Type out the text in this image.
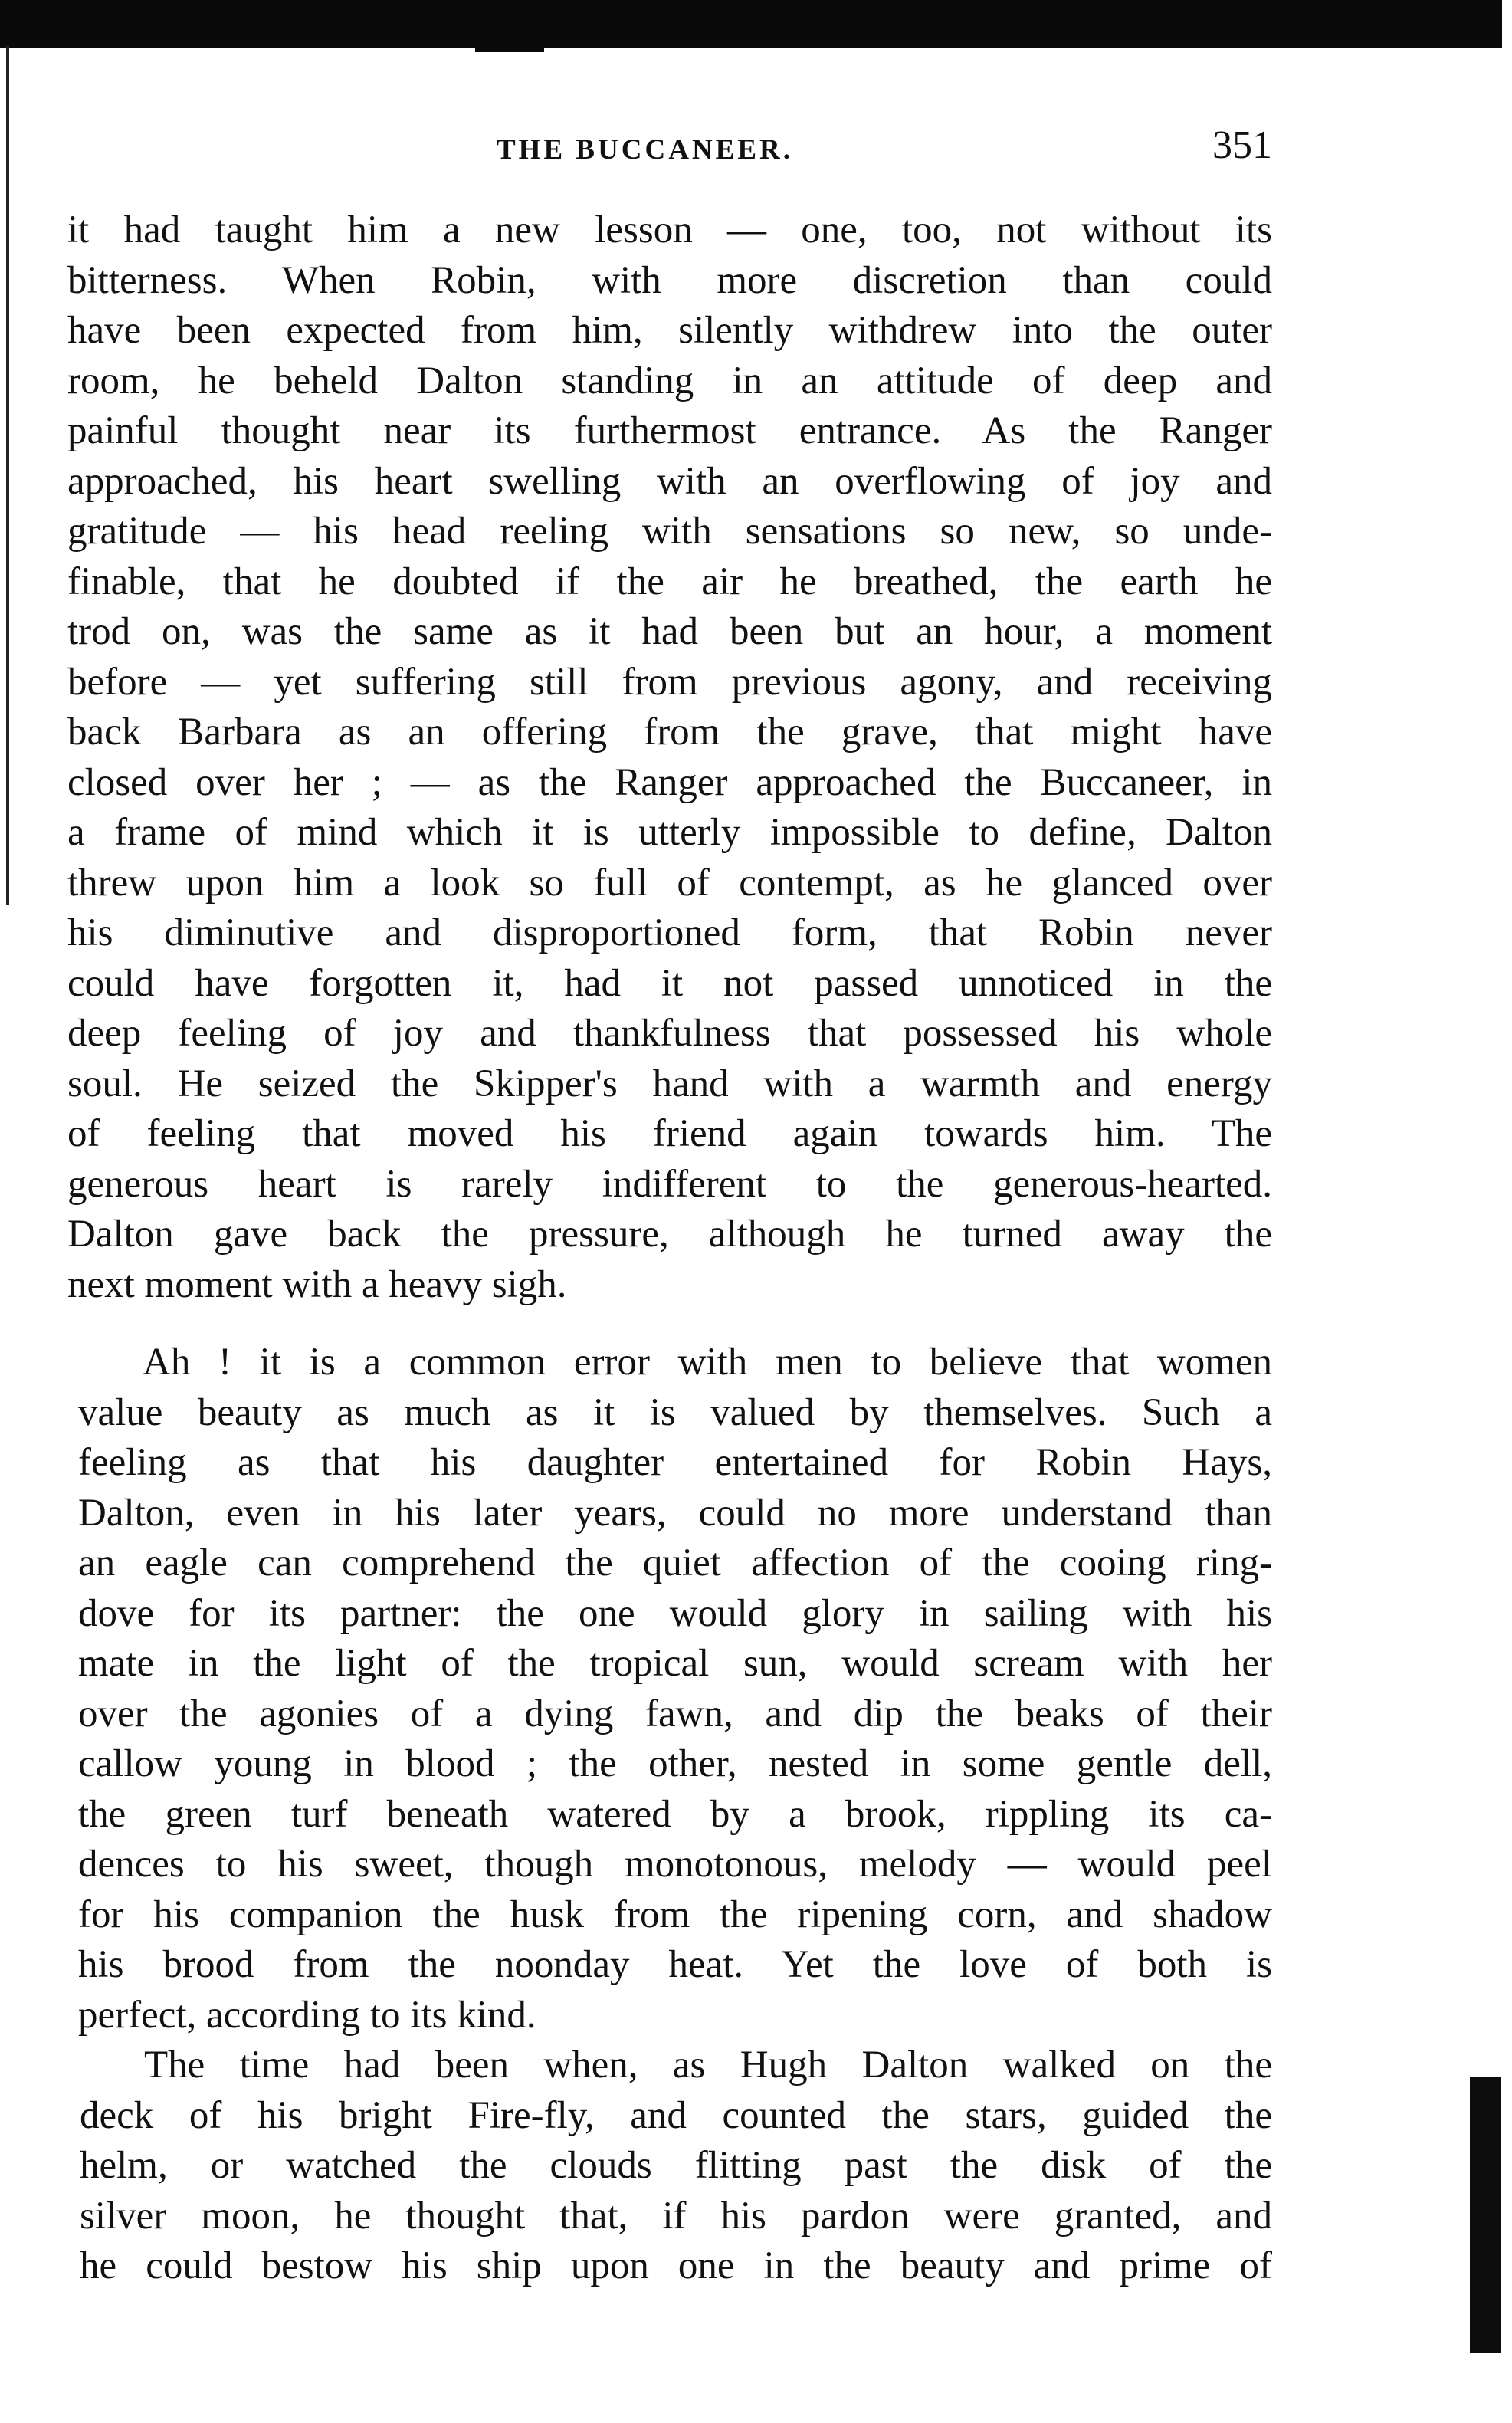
THE BUCCANEER.	351
it had taught him a new lesson — one, too, not without its
bitterness. When Robin, with more discretion than could
have been expected from him, silently withdrew into the outer
room, he beheld Dalton standing in an attitude of deep and
painful thought near its furthermost entrance. As the Ranger
approached, his heart swelling with an overflowing of joy and
gratitude — his head reeling with sensations so new, so unde-
finable, that he doubted if the air he breathed, the earth he
trod on, was the same as it had been but an hour, a moment
before — yet suffering still from previous agony, and receiving
back Barbara as an offering from the grave, that might have
closed over her ; — as the Ranger approached the Buccaneer, in
a frame of mind which it is utterly impossible to define, Dalton
threw upon him a look so full of contempt, as he glanced over
his diminutive and disproportioned form, that Robin never
could have forgotten it, had it not passed unnoticed in the
deep feeling of joy and thankfulness that possessed his whole
soul. He seized the Skipper's hand with a warmth and energy
of feeling that moved his friend again towards him. The
generous heart is rarely indifferent to the generous-hearted.
Dalton gave back the pressure, although he turned away the
next moment with a heavy sigh.
Ah ! it is a common error with men to believe that women
value beauty as much as it is valued by themselves. Such a
feeling as that his daughter entertained for Robin Hays,
Dalton, even in his later years, could no more understand than
an eagle can comprehend the quiet affection of the cooing ring-
dove for its partner: the one would glory in sailing with his
mate in the light of the tropical sun, would scream with her
over the agonies of a dying fawn, and dip the beaks of their
callow young in blood ; the other, nested in some gentle dell,
the green turf beneath watered by a brook, rippling its ca-
dences to his sweet, though monotonous, melody — would peel
for his companion the husk from the ripening corn, and shadow
his brood from the noonday heat. Yet the love of both is
perfect, according to its kind.
The time had been when, as Hugh Dalton walked on the
deck of his bright Fire-fly, and counted the stars, guided the
helm, or watched the clouds flitting past the disk of the
silver moon, he thought that, if his pardon were granted, and
he could bestow his ship upon one in the beauty and prime of
